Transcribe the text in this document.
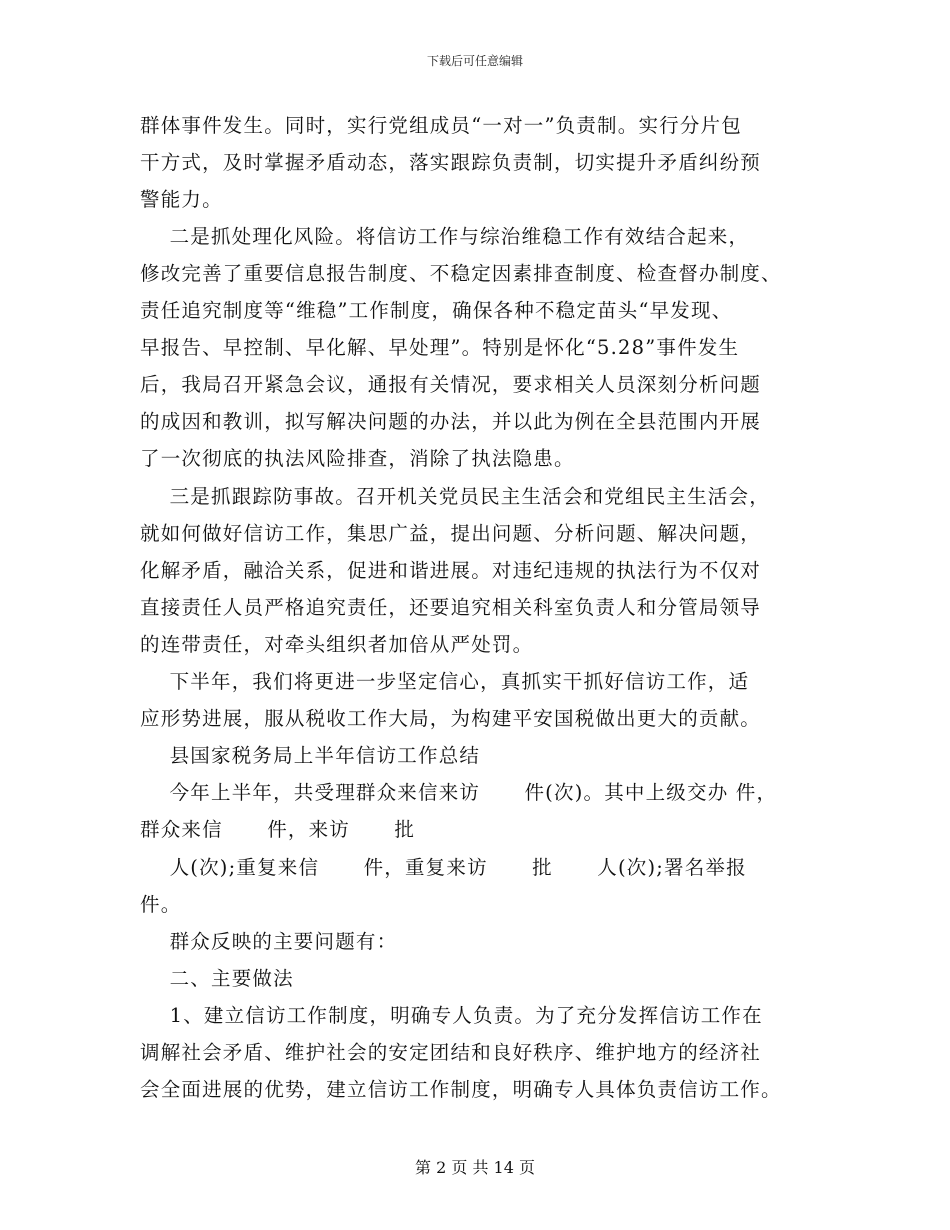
下载后可任意编辑
群体事件发生。同时，实行党组成员“一对一”负责制。实行分片包
干方式，及时掌握矛盾动态，落实跟踪负责制，切实提升矛盾纠纷预
警能力。
二是抓处理化风险。将信访工作与综治维稳工作有效结合起来，
修改完善了重要信息报告制度、不稳定因素排查制度、检查督办制度、
责任追究制度等“维稳”工作制度，确保各种不稳定苗头“早发现、
早报告、早控制、早化解、早处理”。特别是怀化“5.28”事件发生
后，我局召开紧急会议，通报有关情况，要求相关人员深刻分析问题
的成因和教训，拟写解决问题的办法，并以此为例在全县范围内开展
了一次彻底的执法风险排查，消除了执法隐患。
三是抓跟踪防事故。召开机关党员民主生活会和党组民主生活会，
就如何做好信访工作，集思广益，提出问题、分析问题、解决问题，
化解矛盾，融洽关系，促进和谐进展。对违纪违规的执法行为不仅对
直接责任人员严格追究责任，还要追究相关科室负责人和分管局领导
的连带责任，对牵头组织者加倍从严处罚。
下半年，我们将更进一步坚定信心，真抓实干抓好信访工作，适
应形势进展，服从税收工作大局，为构建平安国税做出更大的贡献。
县国家税务局上半年信访工作总结
今年上半年，共受理群众来信来访      件(次)。其中上级交办 件，
群众来信      件，来访      批
人(次);重复来信      件，重复来访      批      人(次);署名举报
件。
群众反映的主要问题有：
二、主要做法
1、建立信访工作制度，明确专人负责。为了充分发挥信访工作在
调解社会矛盾、维护社会的安定团结和良好秩序、维护地方的经济社
会全面进展的优势，建立信访工作制度，明确专人具体负责信访工作。
第 2 页 共 14 页
